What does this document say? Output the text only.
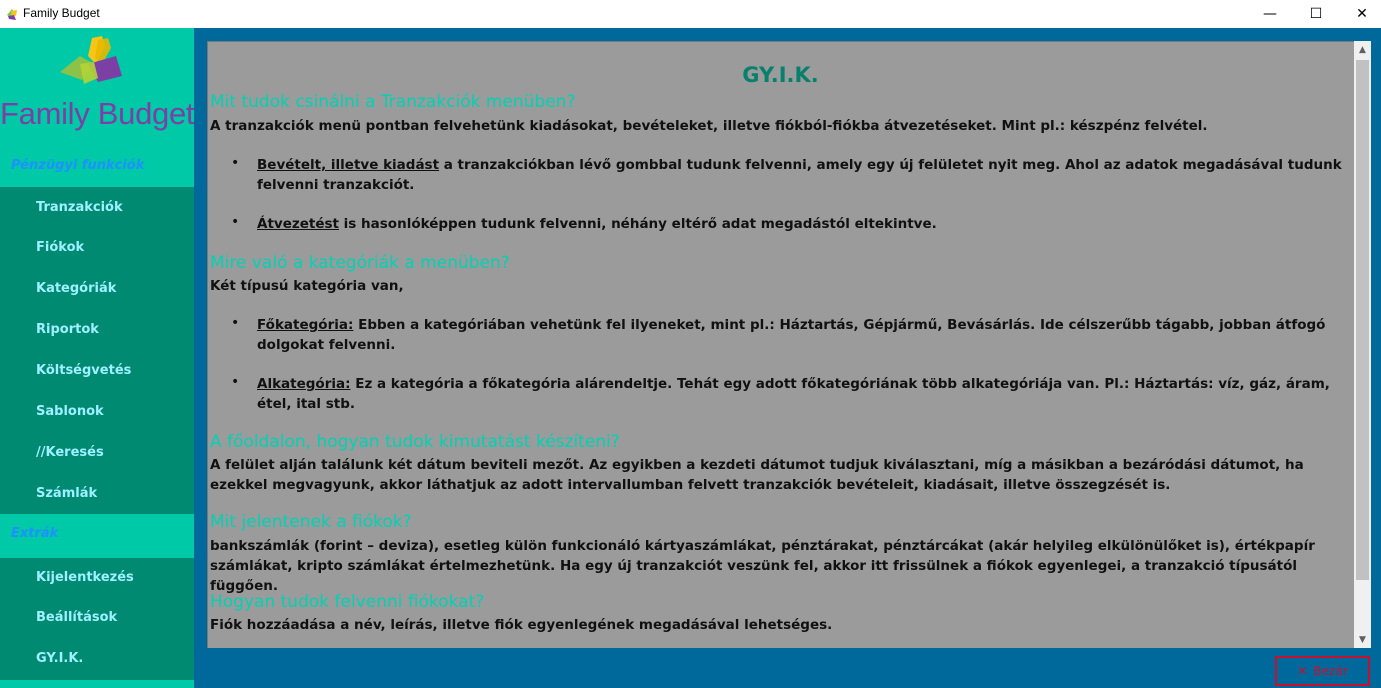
Family Budget	— ☐ ✕
Family Budget
Pénzügyi funkciók
Tranzakciók
Fiókok
Kategóriák
Riportok
Költségvetés
Sablonok
//Keresés
Számlák
Extrák
Kijelentkezés
Beállítások
GY.I.K.
GY.I.K.
Mit tudok csinálni a Tranzakciók menüben?
A tranzakciók menü pontban felvehetünk kiadásokat, bevételeket, illetve fiókból-fiókba átvezetéseket. Mint pl.: készpénz felvétel.
• Bevételt, illetve kiadást a tranzakciókban lévő gombbal tudunk felvenni, amely egy új felületet nyit meg. Ahol az adatok megadásával tudunk felvenni tranzakciót.
• Átvezetést is hasonlóképpen tudunk felvenni, néhány eltérő adat megadástól eltekintve.
Mire való a kategóriák a menüben?
Két típusú kategória van,
• Főkategória: Ebben a kategóriában vehetünk fel ilyeneket, mint pl.: Háztartás, Gépjármű, Bevásárlás. Ide célszerűbb tágabb, jobban átfogó dolgokat felvenni.
• Alkategória: Ez a kategória a főkategória alárendeltje. Tehát egy adott főkategóriának több alkategóriája van. Pl.: Háztartás: víz, gáz, áram, étel, ital stb.
A főoldalon, hogyan tudok kimutatást készíteni?
A felület alján találunk két dátum beviteli mezőt. Az egyikben a kezdeti dátumot tudjuk kiválasztani, míg a másikban a bezáródási dátumot, ha ezekkel megvagyunk, akkor láthatjuk az adott intervallumban felvett tranzakciók bevételeit, kiadásait, illetve összegzését is.
Mit jelentenek a fiókok?
bankszámlák (forint – deviza), esetleg külön funkcionáló kártyaszámlákat, pénztárakat, pénztárcákat (akár helyileg elkülönülőket is), értékpapír számlákat, kripto számlákat értelmezhetünk. Ha egy új tranzakciót veszünk fel, akkor itt frissülnek a fiókok egyenlegei, a tranzakció típusától függően.
Hogyan tudok felvenni fiókokat?
Fiók hozzáadása a név, leírás, illetve fiók egyenlegének megadásával lehetséges.
▲
▼
✕ Bezár
